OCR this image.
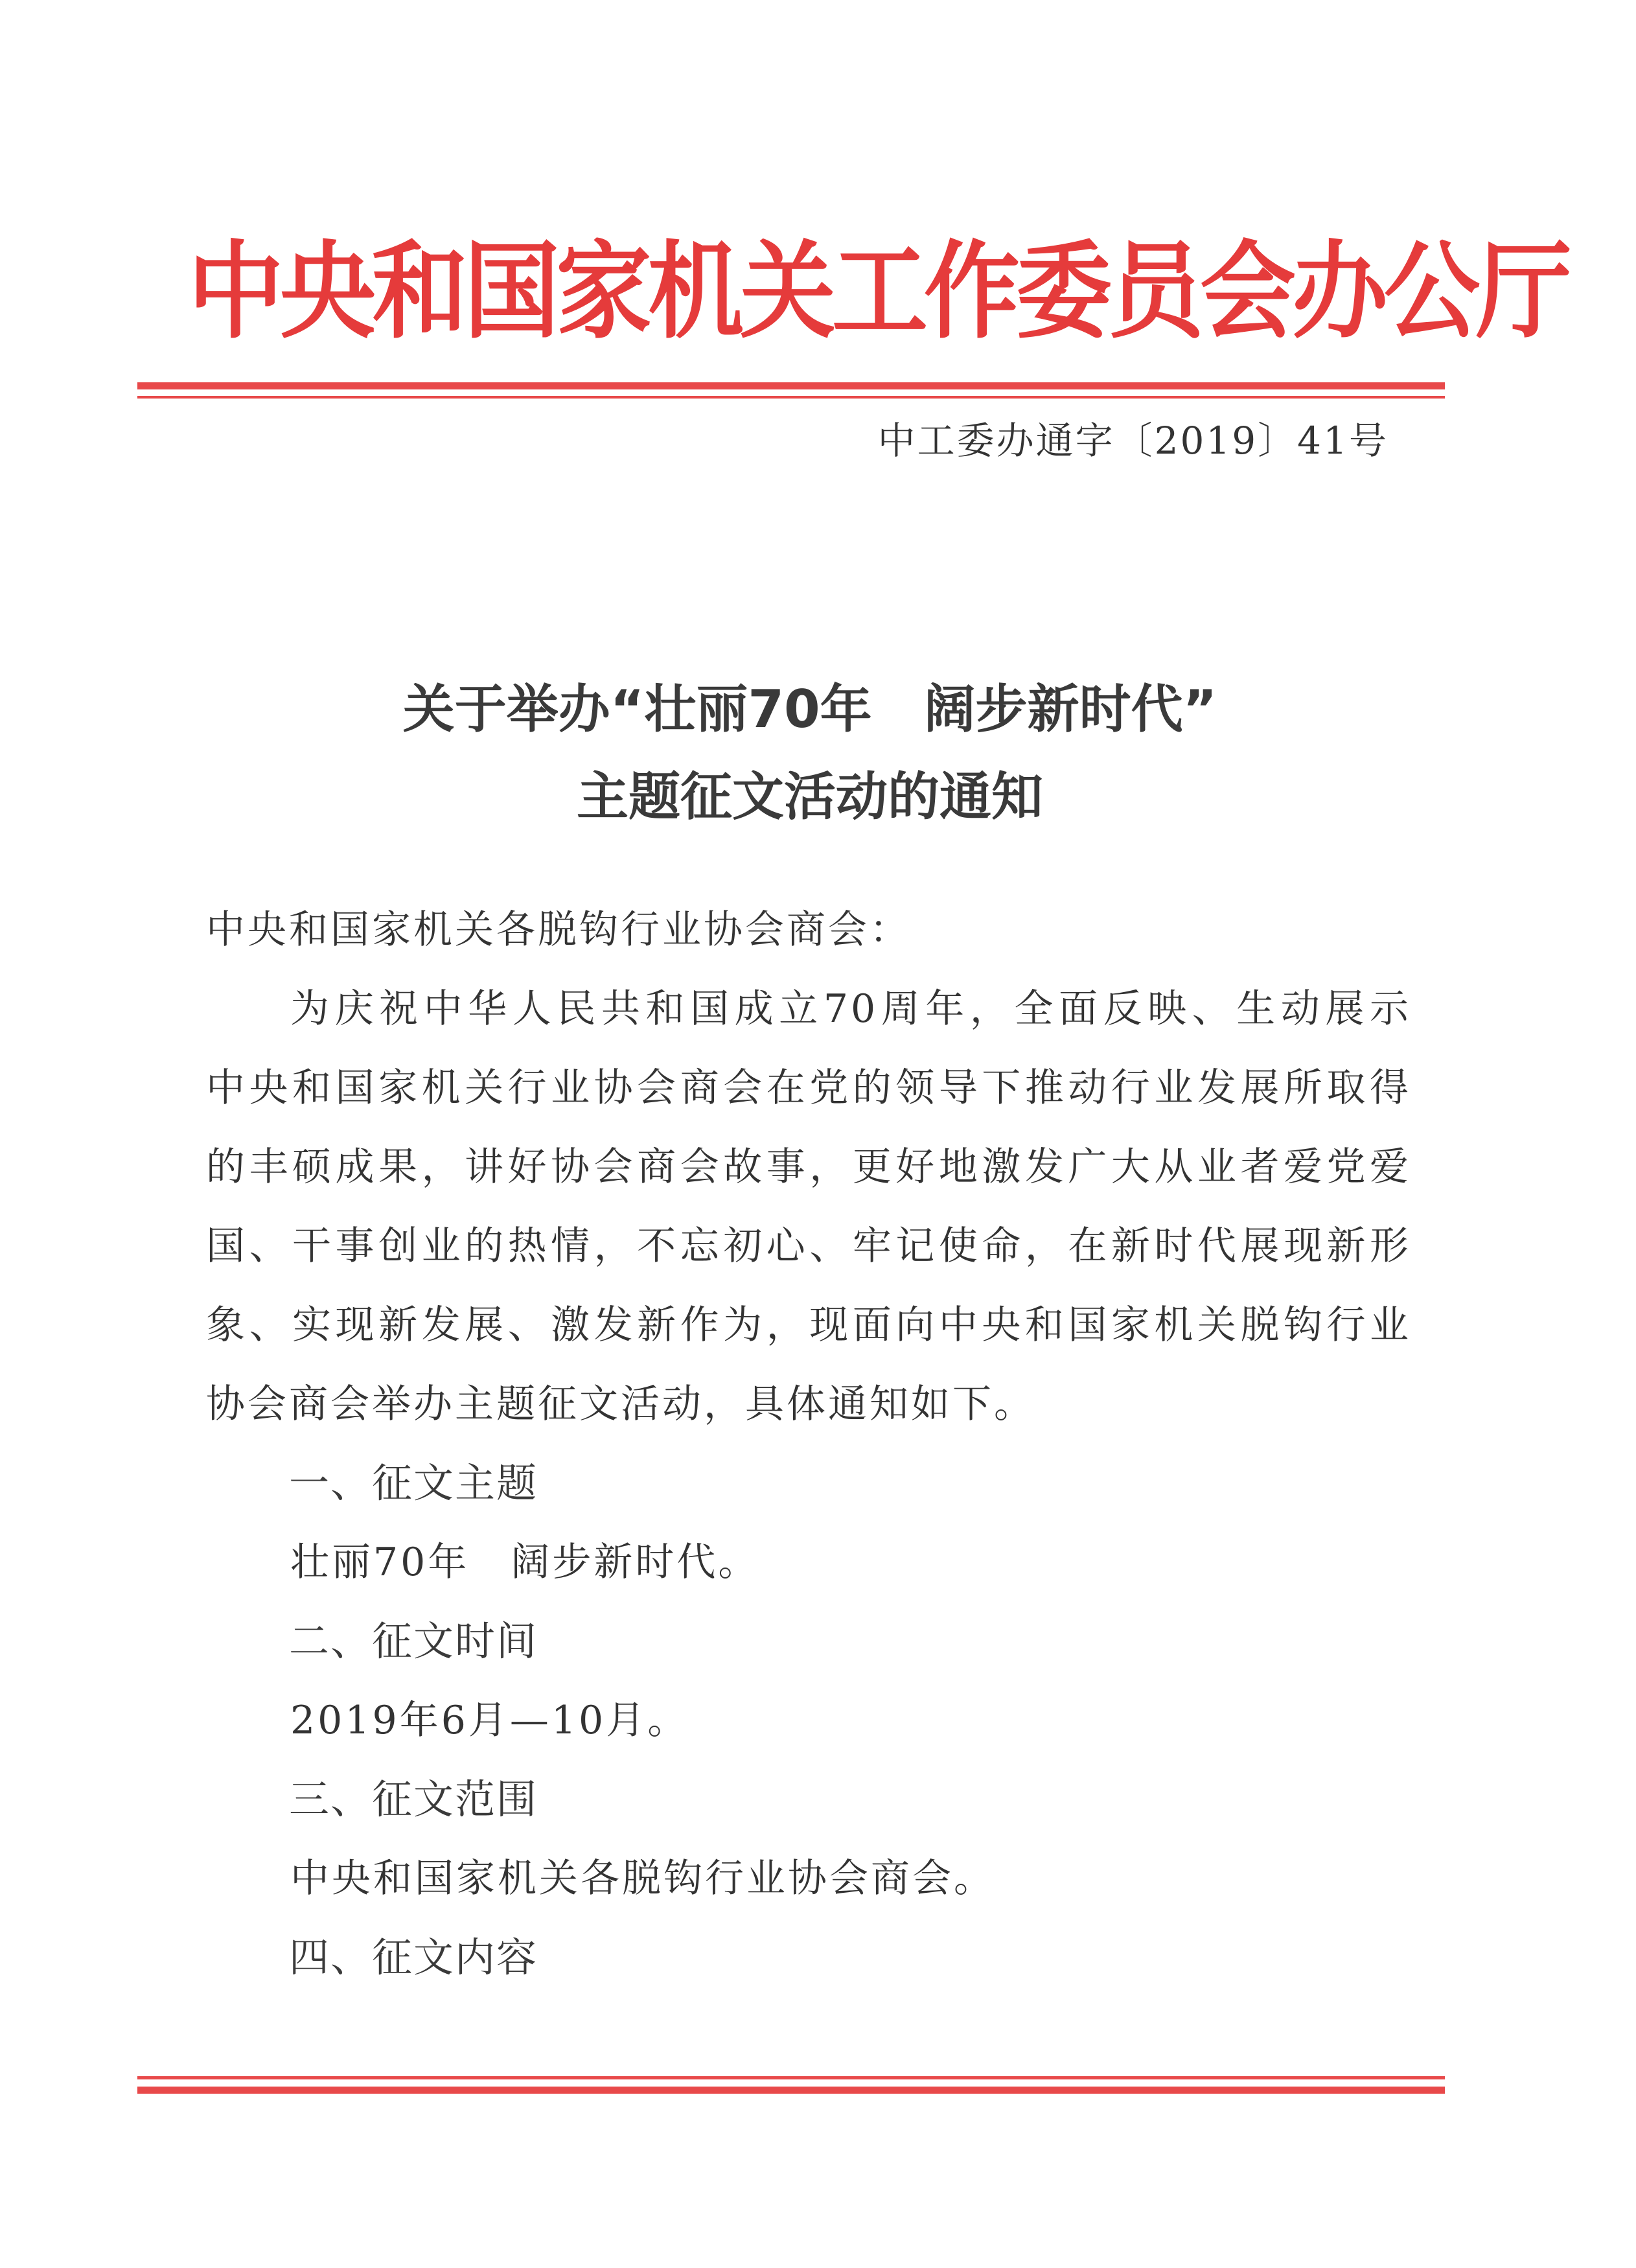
中央和国家机关工作委员会办公厅
中工委办通字〔2019〕41号
关于举办“壮丽70年　阔步新时代”
主题征文活动的通知
中央和国家机关各脱钩行业协会商会：
为庆祝中华人民共和国成立70周年，全面反映、生动展示
中央和国家机关行业协会商会在党的领导下推动行业发展所取得
的丰硕成果，讲好协会商会故事，更好地激发广大从业者爱党爱
国、干事创业的热情，不忘初心、牢记使命，在新时代展现新形
象、实现新发展、激发新作为，现面向中央和国家机关脱钩行业
协会商会举办主题征文活动，具体通知如下。
一、征文主题
壮丽70年　阔步新时代。
二、征文时间
2019年6月—10月。
三、征文范围
中央和国家机关各脱钩行业协会商会。
四、征文内容
